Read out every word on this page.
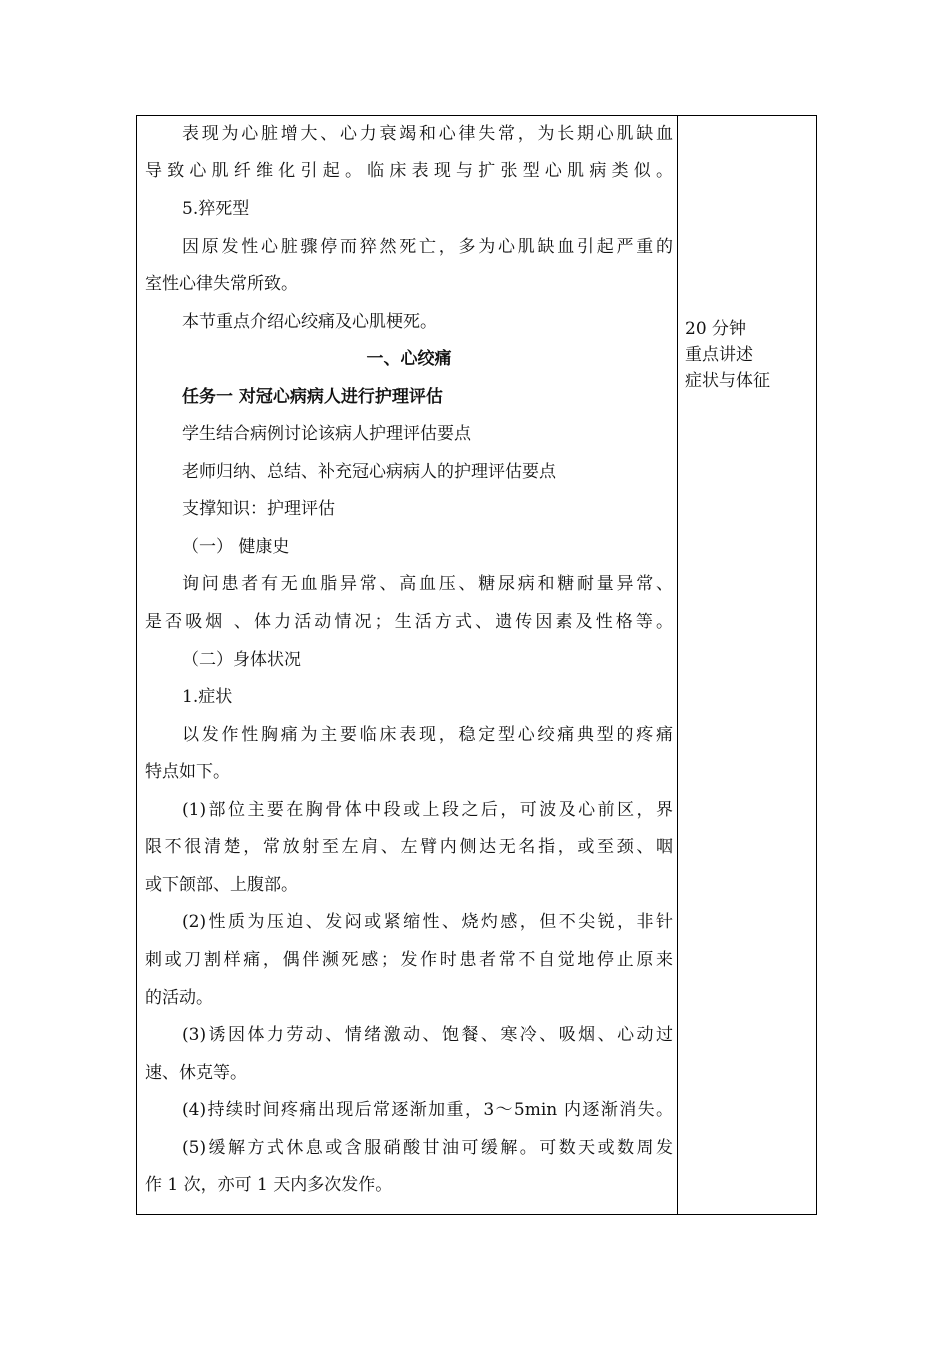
表现为心脏增大、心力衰竭和心律失常，为长期心肌缺血
导致心肌纤维化引起。临床表现与扩张型心肌病类似。
5.猝死型
因原发性心脏骤停而猝然死亡，多为心肌缺血引起严重的
室性心律失常所致。
本节重点介绍心绞痛及心肌梗死。
一、心绞痛
任务一 对冠心病病人进行护理评估
学生结合病例讨论该病人护理评估要点
老师归纳、总结、补充冠心病病人的护理评估要点
支撑知识：护理评估
（一） 健康史
询问患者有无血脂异常、高血压、糖尿病和糖耐量异常、
是否吸烟 、体力活动情况；生活方式、遗传因素及性格等。
（二）身体状况
1.症状
以发作性胸痛为主要临床表现，稳定型心绞痛典型的疼痛
特点如下。
(1)部位主要在胸骨体中段或上段之后，可波及心前区，界
限不很清楚，常放射至左肩、左臂内侧达无名指，或至颈、咽
或下颌部、上腹部。
(2)性质为压迫、发闷或紧缩性、烧灼感，但不尖锐，非针
刺或刀割样痛，偶伴濒死感；发作时患者常不自觉地停止原来
的活动。
(3)诱因体力劳动、情绪激动、饱餐、寒冷、吸烟、心动过
速、休克等。
(4)持续时间疼痛出现后常逐渐加重，3～5min 内逐渐消失。
(5)缓解方式休息或含服硝酸甘油可缓解。可数天或数周发
作 1 次，亦可 1 天内多次发作。
20 分钟
重点讲述
症状与体征
